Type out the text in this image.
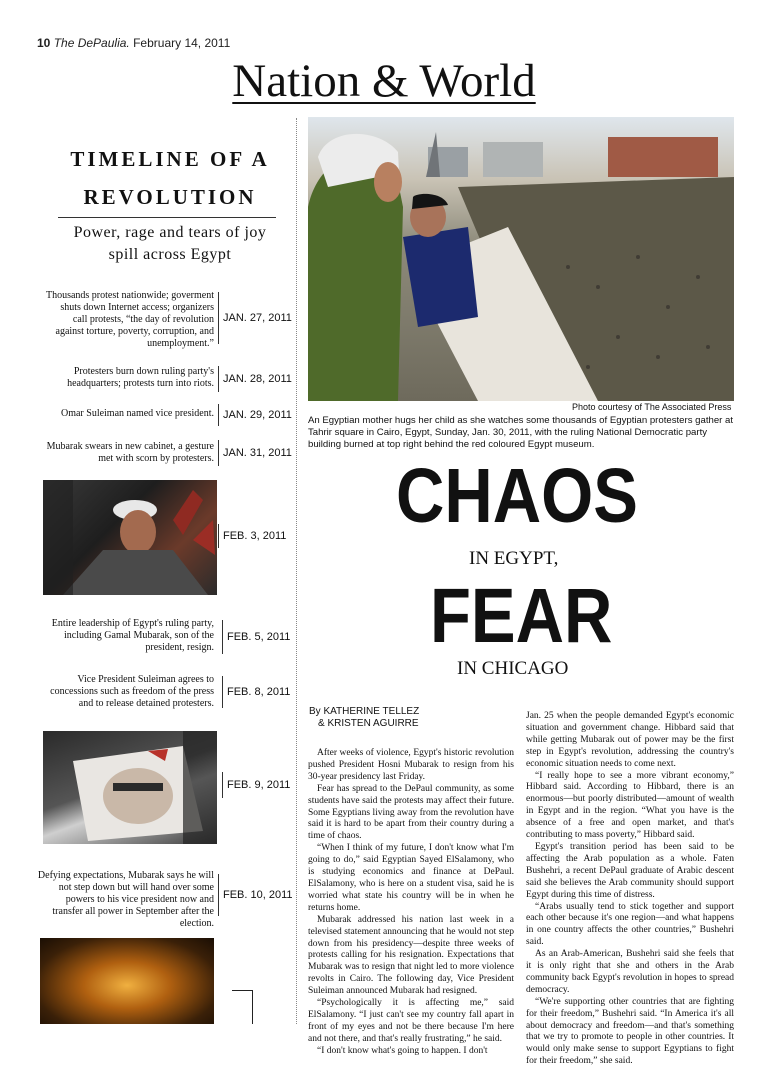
10 The DePaulia. February 14, 2011
Nation & World
TIMELINE OF A
REVOLUTION
Power, rage and tears of joy
spill across Egypt
Thousands protest nationwide; goverment shuts down Internet access; organizers call protests, “the day of revolution against torture, poverty, corruption, and unemployment.”
JAN. 27, 2011
Protesters burn down ruling party's headquarters; protests turn into riots. JAN. 28, 2011
Omar Suleiman named vice president. JAN. 29, 2011
Mubarak swears in new cabinet, a gesture met with scorn by protesters. JAN. 31, 2011
FEB. 3, 2011
Entire leadership of Egypt's ruling party, including Gamal Mubarak, son of the president, resign.
FEB. 5, 2011
Vice President Suleiman agrees to concessions such as freedom of the press and to release detained protesters.
FEB. 8, 2011
FEB. 9, 2011
Defying expectations, Mubarak says he will not step down but will hand over some powers to his vice president now and transfer all power in September after the election.
FEB. 10, 2011
Photo courtesy of The Associated Press
An Egyptian mother hugs her child as she watches some thousands of Egyptian protesters gather at Tahrir square in Cairo, Egypt, Sunday, Jan. 30, 2011, with the ruling National Democratic party building burned at top right behind the red coloured Egypt museum.
CHAOS
IN EGYPT,
FEAR
IN CHICAGO
By KATHERINE TELLEZ
& KRISTEN AGUIRRE

After weeks of violence, Egypt's historic revolution pushed President Hosni Mubarak to resign from his 30-year presidency last Friday.

Fear has spread to the DePaul community, as some students have said the protests may affect their future. Some Egyptians living away from the revolution have said it is hard to be apart from their country during a time of chaos.

“When I think of my future, I don't know what I'm going to do,” said Egyptian Sayed ElSalamony, who is studying economics and finance at DePaul. ElSalamony, who is here on a student visa, said he is worried what state his country will be in when he returns home.

Mubarak addressed his nation last week in a televised statement announcing that he would not step down from his presidency—despite three weeks of protests calling for his resignation. Expectations that Mubarak was to resign that night led to more violence revolts in Cairo. The following day, Vice President Suleiman announced Mubarak had resigned.

“Psychologically it is affecting me,” said ElSalamony. “I just can't see my country fall apart in front of my eyes and not be there because I'm here and not there, and that's really frustrating,” he said.

“I don't know what's going to happen. I don't

Jan. 25 when the people demanded Egypt's economic situation and government change. Hibbard said that while getting Mubarak out of power may be the first step in Egypt's revolution, addressing the country's economic situation needs to come next.

“I really hope to see a more vibrant economy,” Hibbard said. According to Hibbard, there is an enormous—but poorly distributed—amount of wealth in Egypt and in the region. “What you have is the absence of a free and open market, and that's contributing to mass poverty,” Hibbard said.

Egypt's transition period has been said to be affecting the Arab population as a whole. Faten Bushehri, a recent DePaul graduate of Arabic descent said she believes the Arab community should support Egypt during this time of distress.

“Arabs usually tend to stick together and support each other because it's one region—and what happens in one country affects the other countries,” Bushehri said.

As an Arab-American, Bushehri said she feels that it is only right that she and others in the Arab community back Egypt's revolution in hopes to spread democracy.

“We're supporting other countries that are fighting for their freedom,” Bushehri said. “In America it's all about democracy and freedom—and that's something that we try to promote to people in other countries. It would only make sense to support Egyptians to fight for their freedom,” she said.
